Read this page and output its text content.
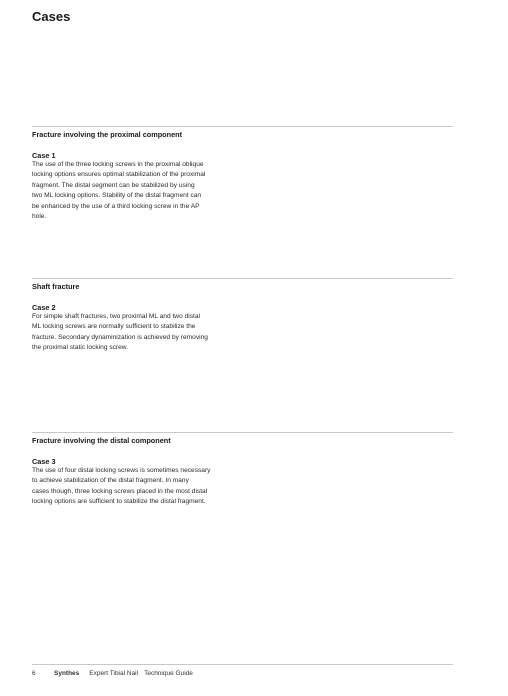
Cases
Fracture involving the proximal component
Case 1
The use of the three locking screws in the proximal oblique
locking options ensures optimal stabilization of the proximal
fragment. The distal segment can be stabilized by using
two ML locking options. Stability of the distal fragment can
be enhanced by the use of a third locking screw in the AP
hole.
Shaft fracture
Case 2
For simple shaft fractures, two proximal ML and two distal
ML locking screws are normally sufficient to stabilize the
fracture. Secondary dynaminization is achieved by removing
the proximal static locking screw.
Fracture involving the distal component
Case 3
The use of four distal locking screws is sometimes necessary
to achieve stabilization of the distal fragment. In many
cases though, three locking screws placed in the most distal
locking options are sufficient to stabilize the distal fragment.
6	Synthes Expert Tibial Nail Technique Guide
